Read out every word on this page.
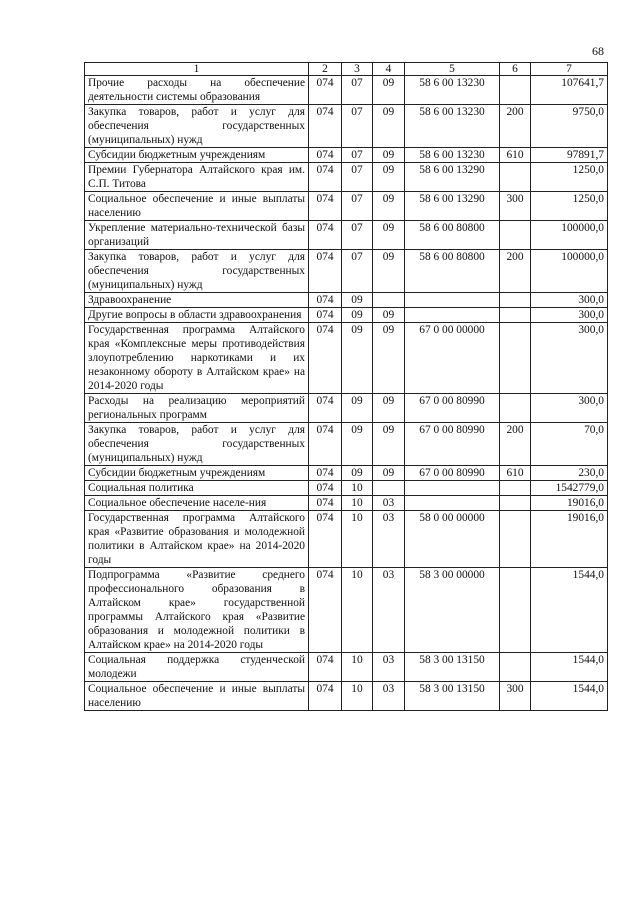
68
1	2	3	4	5	6	7
Прочие расходы на обеспечение деятельности системы образования	074	07	09	58 6 00 13230		107641,7
Закупка товаров, работ и услуг для обеспечения государственных (муниципальных) нужд	074	07	09	58 6 00 13230	200	9750,0
Субсидии бюджетным учреждениям	074	07	09	58 6 00 13230	610	97891,7
Премии Губернатора Алтайского края им. С.П. Титова	074	07	09	58 6 00 13290		1250,0
Социальное обеспечение и иные выплаты населению	074	07	09	58 6 00 13290	300	1250,0
Укрепление материально-технической базы организаций	074	07	09	58 6 00 80800		100000,0
Закупка товаров, работ и услуг для обеспечения государственных (муниципальных) нужд	074	07	09	58 6 00 80800	200	100000,0
Здравоохранение	074	09				300,0
Другие вопросы в области здравоохранения	074	09	09			300,0
Государственная программа Алтайского края «Комплексные меры противодействия злоупотреблению наркотиками и их незаконному обороту в Алтайском крае» на 2014-2020 годы	074	09	09	67 0 00 00000		300,0
Расходы на реализацию мероприятий региональных программ	074	09	09	67 0 00 80990		300,0
Закупка товаров, работ и услуг для обеспечения государственных (муниципальных) нужд	074	09	09	67 0 00 80990	200	70,0
Субсидии бюджетным учреждениям	074	09	09	67 0 00 80990	610	230,0
Социальная политика	074	10				1542779,0
Социальное обеспечение населе-ния	074	10	03			19016,0
Государственная программа Алтайского края «Развитие образования и молодежной политики в Алтайском крае» на 2014-2020 годы	074	10	03	58 0 00 00000		19016,0
Подпрограмма «Развитие среднего профессионального образования в Алтайском крае» государственной программы Алтайского края «Развитие образования и молодежной политики в Алтайском крае» на 2014-2020 годы	074	10	03	58 3 00 00000		1544,0
Социальная поддержка студенческой молодежи	074	10	03	58 3 00 13150		1544,0
Социальное обеспечение и иные выплаты населению	074	10	03	58 3 00 13150	300	1544,0
